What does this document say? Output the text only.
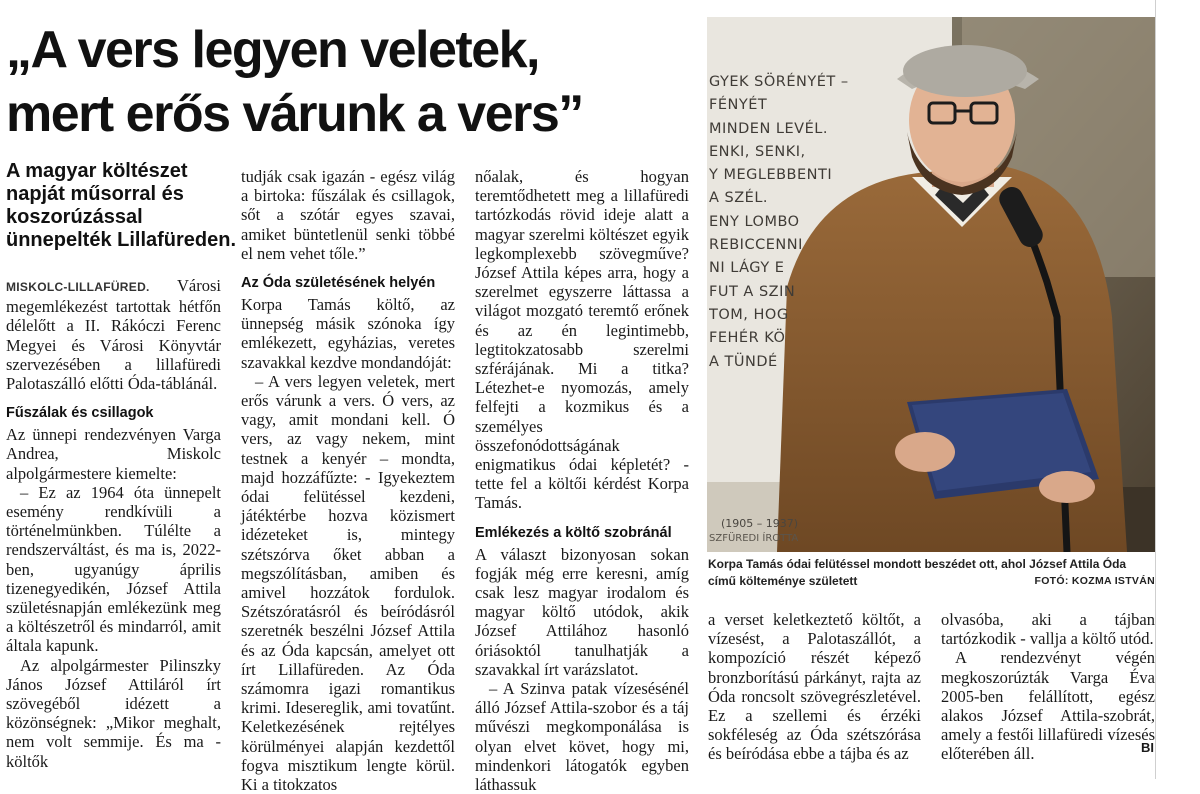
„A vers legyen veletek,
mert erős várunk a vers”

A magyar költészet napját műsorral és koszorúzással ünnepelték Lillafüreden.

MISKOLC-LILLAFÜRED. Városi megemlékezést tartottak hétfőn délelőtt a II. Rákóczi Ferenc Megyei és Városi Könyvtár szervezésében a lillafüredi Palotaszálló előtti Óda-táblánál.

Fűszálak és csillagok

Az ünnepi rendezvényen Varga Andrea, Miskolc alpolgármestere kiemelte:

– Ez az 1964 óta ünnepelt esemény rendkívüli a történelmünkben. Túlélte a rendszerváltást, és ma is, 2022-ben, ugyanúgy április tizenegyedikén, József Attila születésnapján emlékezünk meg a költészetről és mindarról, amit általa kapunk.

Az alpolgármester Pilinszky János József Attiláról írt szövegéből idézett a közönségnek: „Mikor meghalt, nem volt semmije. És ma - költők

tudják csak igazán - egész világ a birtoka: fűszálak és csillagok, sőt a szótár egyes szavai, amiket büntetlenül senki többé el nem vehet tőle.”

Az Óda születésének helyén

Korpa Tamás költő, az ünnepség másik szónoka így emlékezett, egyházias, veretes szavakkal kezdve mondandóját:

– A vers legyen veletek, mert erős várunk a vers. Ó vers, az vagy, amit mondani kell. Ó vers, az vagy nekem, mint testnek a kenyér – mondta, majd hozzáfűzte: - Igyekeztem ódai felütéssel kezdeni, játéktérbe hozva közismert idézeteket is, mintegy szétszórva őket abban a megszólításban, amiben és amivel hozzátok fordulok. Szétszóratásról és beíródásról szeretnék beszélni József Attila és az Óda kapcsán, amelyet ott írt Lillafüreden. Az Óda számomra igazi romantikus krimi. Idesereglik, ami tovatűnt. Keletkezésének rejtélyes körülményei alapján kezdettől fogva misztikum lengte körül. Ki a titokzatos

nőalak, és hogyan teremtődhetett meg a lillafüredi tartózkodás rövid ideje alatt a magyar szerelmi költészet egyik legkomplexebb szövegműve? József Attila képes arra, hogy a szerelmet egyszerre láttassa a világot mozgató teremtő erőnek és az én legintimebb, legtitokzatosabb szerelmi szférájának. Mi a titka? Létezhet-e nyomozás, amely felfejti a kozmikus és a személyes összefonódottságának enigmatikus ódai képletét? - tette fel a költői kérdést Korpa Tamás.

Emlékezés a költő szobránál

A választ bizonyosan sokan fogják még erre keresni, amíg csak lesz magyar irodalom és magyar költő utódok, akik József Attilához hasonló óriásoktól tanulhatják a szavakkal írt varázslatot.

– A Szinva patak vízesésénél álló József Attila-szobor és a táj művészi megkomponálása is olyan elvet követ, hogy mi, mindenkori látogatók egyben láthassuk

GYEK SÖRÉNYÉT –
FÉNYÉT
MINDEN LEVÉL.
ENKI, SENKI,
Y MEGLEBBENTI
A SZÉL.
ENY LOMBO
REBICCENNI
NI LÁGY E
FUT A SZIN
TOM, HOG
FEHÉR KÖ
A TÜNDÉ
(1905 – 1937)
SZFÜREDI ÍROTTA
Korpa Tamás ódai felütéssel mondott beszédet ott, ahol József Attila Óda című költeménye született	FOTÓ: KOZMA ISTVÁN

a verset keletkeztető költőt, a vízesést, a Palotaszállót, a kompozíció részét képező bronzborítású párkányt, rajta az Óda roncsolt szövegrészletével. Ez a szellemi és érzéki sokféleség az Óda szétszórása és beíródása ebbe a tájba és az

olvasóba, aki a tájban tartózkodik - vallja a költő utód.

A rendezvényt végén megkoszorúzták Varga Éva 2005-ben felállított, egész alakos József Attila-szobrát, amely a festői lillafüredi vízesés előterében áll.	BI
